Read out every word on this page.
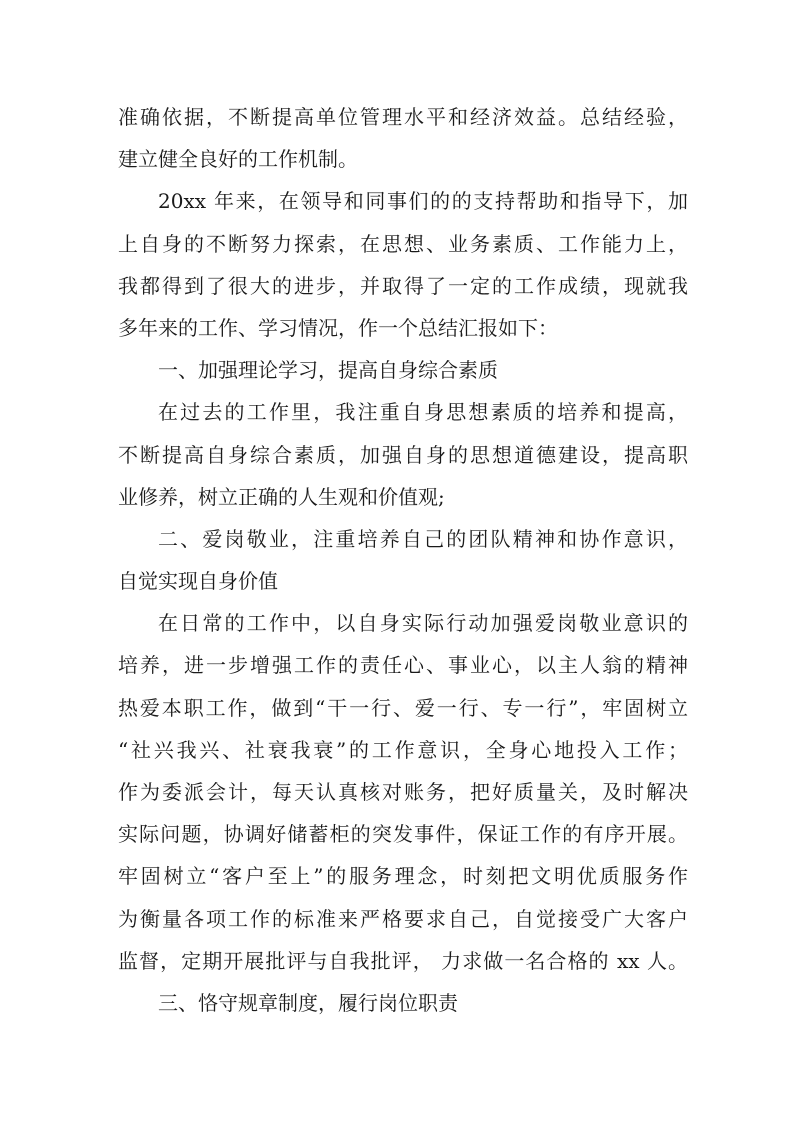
准确依据，不断提高单位管理水平和经济效益。总结经验，
建立健全良好的工作机制。
20xx 年来，在领导和同事们的的支持帮助和指导下，加
上自身的不断努力探索，在思想、业务素质、工作能力上，
我都得到了很大的进步，并取得了一定的工作成绩，现就我
多年来的工作、学习情况，作一个总结汇报如下：
一、加强理论学习，提高自身综合素质
在过去的工作里，我注重自身思想素质的培养和提高，
不断提高自身综合素质，加强自身的思想道德建设，提高职
业修养，树立正确的人生观和价值观;
二、爱岗敬业，注重培养自己的团队精神和协作意识，
自觉实现自身价值
在日常的工作中，以自身实际行动加强爱岗敬业意识的
培养，进一步增强工作的责任心、事业心，以主人翁的精神
热爱本职工作，做到“干一行、爱一行、专一行”，牢固树立
“社兴我兴、社衰我衰”的工作意识，全身心地投入工作；
作为委派会计，每天认真核对账务，把好质量关，及时解决
实际问题，协调好储蓄柜的突发事件，保证工作的有序开展。
牢固树立“客户至上”的服务理念，时刻把文明优质服务作
为衡量各项工作的标准来严格要求自己，自觉接受广大客户
监督，定期开展批评与自我批评， 力求做一名合格的 xx 人。
三、恪守规章制度，履行岗位职责
